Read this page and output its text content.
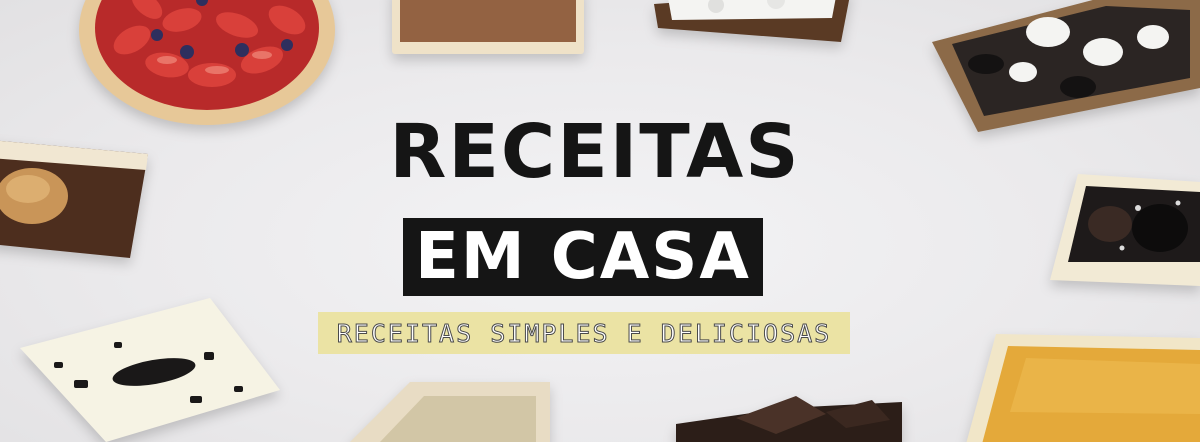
RECEITAS
EM CASA
RECEITAS SIMPLES E DELICIOSAS
